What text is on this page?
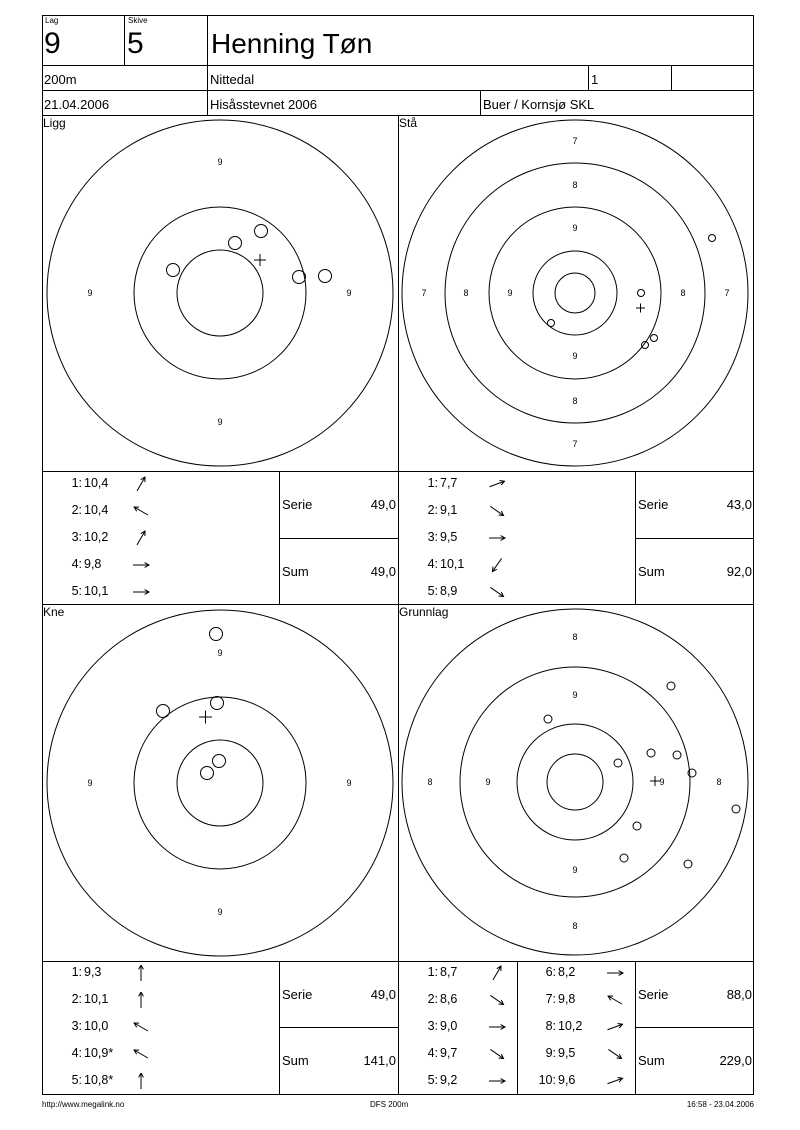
Lag
9
Skive
5 Henning Tøn
200m	Nittedal	1
21.04.2006	Hisåsstevnet 2006	Buer / Kornsjø SKL
Ligg	Stå
Kne	Grunnlag
9
9
9	9
7
8
9
9
8
7
7	8	9	8	7
9
9
9	9
8
9
9
8
8	9	9	8
1: 10,4
2: 10,4
3: 10,2
4: 9,8
5: 10,1
1: 7,7
2: 9,1
3: 9,5
4: 10,1
5: 8,9
1: 9,3
2: 10,1
3: 10,0
4: 10,9*
5: 10,8*
1: 8,7
2: 8,6
3: 9,0
4: 9,7
5: 9,2
6: 8,2
7: 9,8
8: 10,2
9: 9,5
10: 9,6
Serie	49,0
Sum	49,0
Serie	43,0
Sum	92,0
Serie	49,0
Sum	141,0
Serie	88,0
Sum	229,0
http://www.megalink.no	DFS 200m	16:58 - 23.04.2006
